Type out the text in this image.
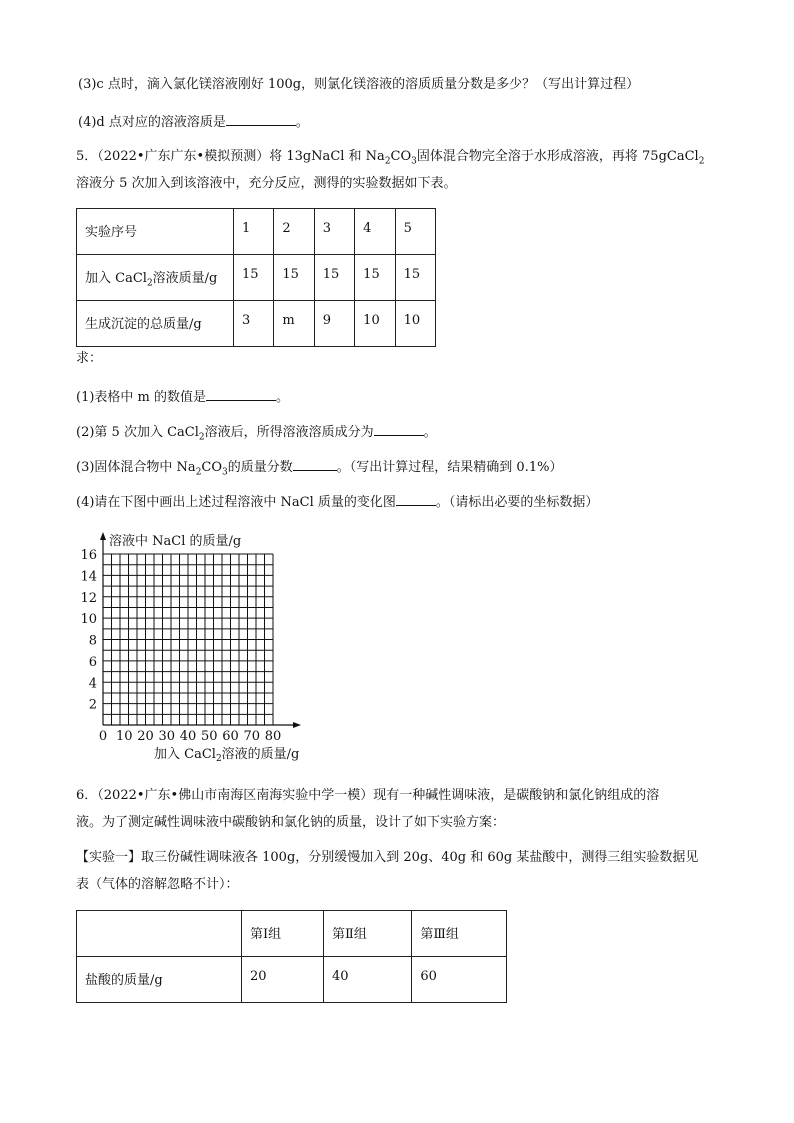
(3)c 点时，滴入氯化镁溶液刚好 100g，则氯化镁溶液的溶质质量分数是多少？（写出计算过程）
(4)d 点对应的溶液溶质是	。
5．（2022•广东广东•模拟预测）将 13gNaCl 和 $Na_2CO_3$固体混合物完全溶于水形成溶液，再将 75gCaCl$_2$
溶液分 5 次加入到该溶液中，充分反应，测得的实验数据如下表。
实验序号	1	2	3	4	5
加入 CaCl$_2$溶液质量/g	15	15	15	15	15
生成沉淀的总质量/g	3	m	9	10	10
求：
(1)表格中 m 的数值是	。
(2)第 5 次加入 CaCl$_2$溶液后，所得溶液溶质成分为	。
(3)固体混合物中 $Na_2CO_3$的质量分数	。（写出计算过程，结果精确到 0.1%）
(4)请在下图中画出上述过程溶液中 NaCl 质量的变化图	。（请标出必要的坐标数据）
2
4
6
8
10
12
14
16
0 10 20 30 40 50 60 70 80
溶液中 NaCl 的质量/g
加入 CaCl$_2$溶液的质量/g
6．（2022•广东•佛山市南海区南海实验中学一模）现有一种碱性调味液，是碳酸钠和氯化钠组成的溶
液。为了测定碱性调味液中碳酸钠和氯化钠的质量，设计了如下实验方案：
【实验一】取三份碱性调味液各 100g，分别缓慢加入到 20g、40g 和 60g 某盐酸中，测得三组实验数据见
表（气体的溶解忽略不计）：
	第Ⅰ组	第Ⅱ组	第Ⅲ组
盐酸的质量/g	20	40	60
